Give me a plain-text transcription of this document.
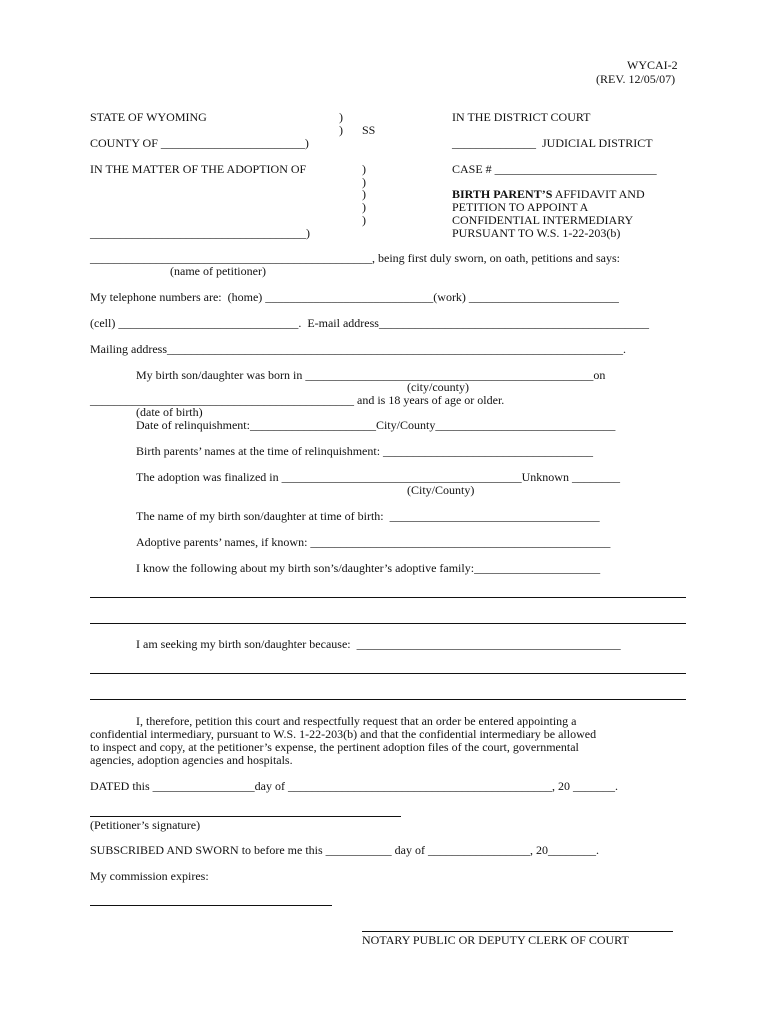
WYCAI-2
(REV. 12/05/07)
STATE OF WYOMING	)
) SS
COUNTY OF ________________________)
IN THE DISTRICT COURT
______________  JUDICIAL DISTRICT
IN THE MATTER OF THE ADOPTION OF	)
)
)
)
)
____________________________________)
CASE # ___________________________
BIRTH PARENT’S AFFIDAVIT AND
PETITION TO APPOINT A
CONFIDENTIAL INTERMEDIARY
PURSUANT TO W.S. 1-22-203(b)
_______________________________________________, being first duly sworn, on oath, petitions and says:
(name of petitioner)
My telephone numbers are:  (home) ____________________________(work) _________________________
(cell) ______________________________.  E-mail address_____________________________________________
Mailing address____________________________________________________________________________.
My birth son/daughter was born in ________________________________________________on
(city/county)
____________________________________________ and is 18 years of age or older.
(date of birth)
Date of relinquishment:_____________________City/County______________________________
Birth parents’ names at the time of relinquishment: ___________________________________
The adoption was finalized in ________________________________________Unknown ________
(City/County)
The name of my birth son/daughter at time of birth:  ___________________________________
Adoptive parents’ names, if known: __________________________________________________
I know the following about my birth son’s/daughter’s adoptive family:_____________________
I am seeking my birth son/daughter because:  ____________________________________________
I, therefore, petition this court and respectfully request that an order be entered appointing a
confidential intermediary, pursuant to W.S. 1-22-203(b) and that the confidential intermediary be allowed
to inspect and copy, at the petitioner’s expense, the pertinent adoption files of the court, governmental
agencies, adoption agencies and hospitals.
DATED this _________________day of ____________________________________________, 20 _______.
(Petitioner’s signature)
SUBSCRIBED AND SWORN to before me this ___________ day of _________________, 20________.
My commission expires:
NOTARY PUBLIC OR DEPUTY CLERK OF COURT
